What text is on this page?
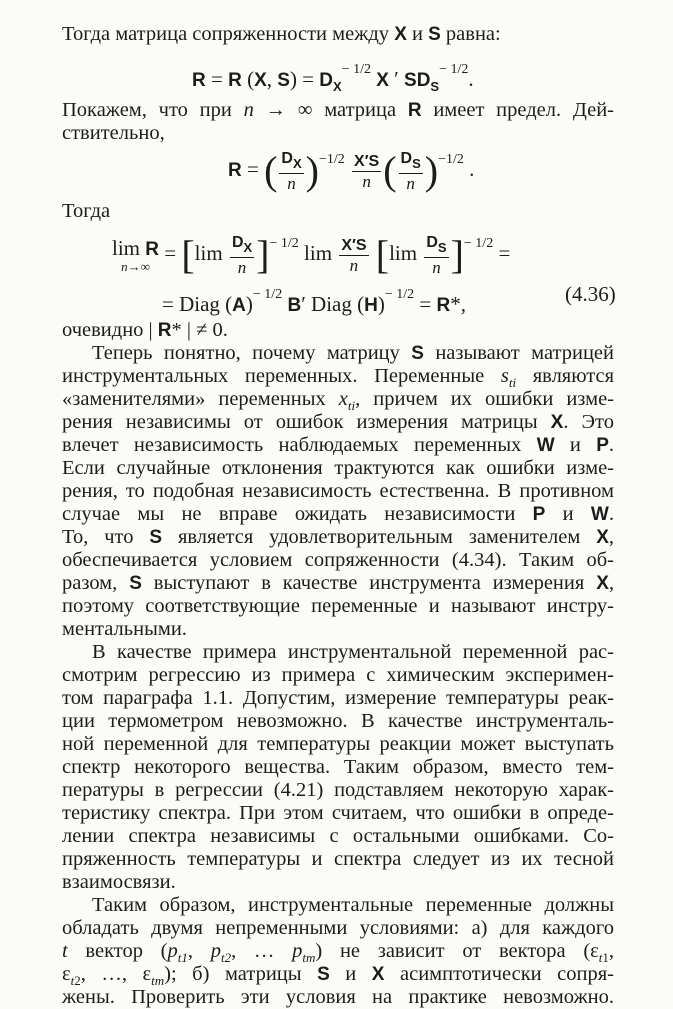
Тогда матрица сопряженности между X и S равна:
R = R (X, $S) = D_X^{- 1/2}$ X ′ $SD_S^{- 1/2}$.
Покажем, что при n → ∞ матрица R имеет предел. Дей-
ствительно,
R = ( $\frac{D_X}{n} )^{-1/2} \frac{X'S}{n}$ ( $\frac{D_S}{n} )^{-1/2}$ .
Тогда
lim R
n→∞
= $[\lim \frac{D_X}{n} ]^{- 1/2}$ $\lim \frac{X'S}{n} [\lim \frac{D_S}{n} ]^{- 1/2}$ =
= Diag $(A)^{- 1/2}$ B′ Diag $(H)^{- 1/2} = R*$,	(4.36)
очевидно | R* | ≠ 0.
Теперь понятно, почему матрицу S называют матрицей
инструментальных переменных. Переменные $s_{ti}$ являются
«заменителями» переменных $x_{ti}$, причем их ошибки изме-
рения независимы от ошибок измерения матрицы X. Это
влечет независимость наблюдаемых переменных W и P.
Если случайные отклонения трактуются как ошибки изме-
рения, то подобная независимость естественна. В противном
случае мы не вправе ожидать независимости P и W.
То, что S является удовлетворительным заменителем X,
обеспечивается условием сопряженности (4.34). Таким об-
разом, S выступают в качестве инструмента измерения X,
поэтому соответствующие переменные и называют инстру-
ментальными.
В качестве примера инструментальной переменной рас-
смотрим регрессию из примера с химическим эксперимен-
том параграфа 1.1. Допустим, измерение температуры реак-
ции термометром невозможно. В качестве инструменталь-
ной переменной для температуры реакции может выступать
спектр некоторого вещества. Таким образом, вместо тем-
пературы в регрессии (4.21) подставляем некоторую харак-
теристику спектра. При этом считаем, что ошибки в опреде-
лении спектра независимы с остальными ошибками. Со-
пряженность температуры и спектра следует из их тесной
взаимосвязи.
Таким образом, инструментальные переменные должны
обладать двумя непременными условиями: а) для каждого
t вектор ($p_{t1}$, $p_{t2}$, … $p_{tm}$) не зависит от вектора ($\varepsilon_{t1}$,
$\varepsilon_{t2}$, …, $\varepsilon_{tm}$); б) матрицы S и X асимптотически сопря-
жены. Проверить эти условия на практике невозможно.
